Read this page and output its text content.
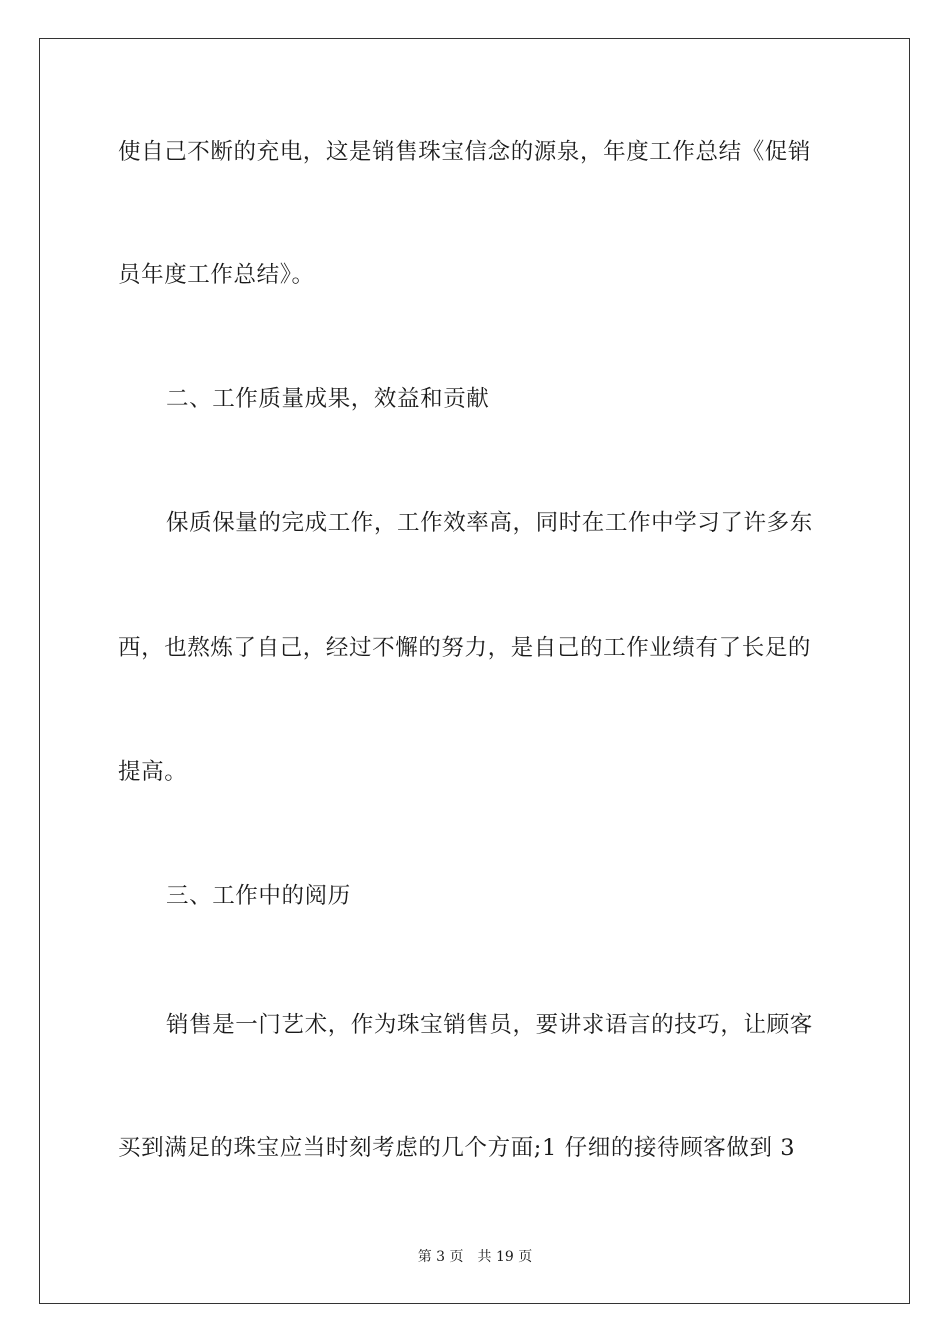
使自己不断的充电，这是销售珠宝信念的源泉，年度工作总结《促销
员年度工作总结》。
二、工作质量成果，效益和贡献
保质保量的完成工作，工作效率高，同时在工作中学习了许多东
西，也熬炼了自己，经过不懈的努力，是自己的工作业绩有了长足的
提高。
三、工作中的阅历
销售是一门艺术，作为珠宝销售员，要讲求语言的技巧，让顾客
买到满足的珠宝应当时刻考虑的几个方面;1 仔细的接待顾客做到 3
第 3 页 共 19 页
